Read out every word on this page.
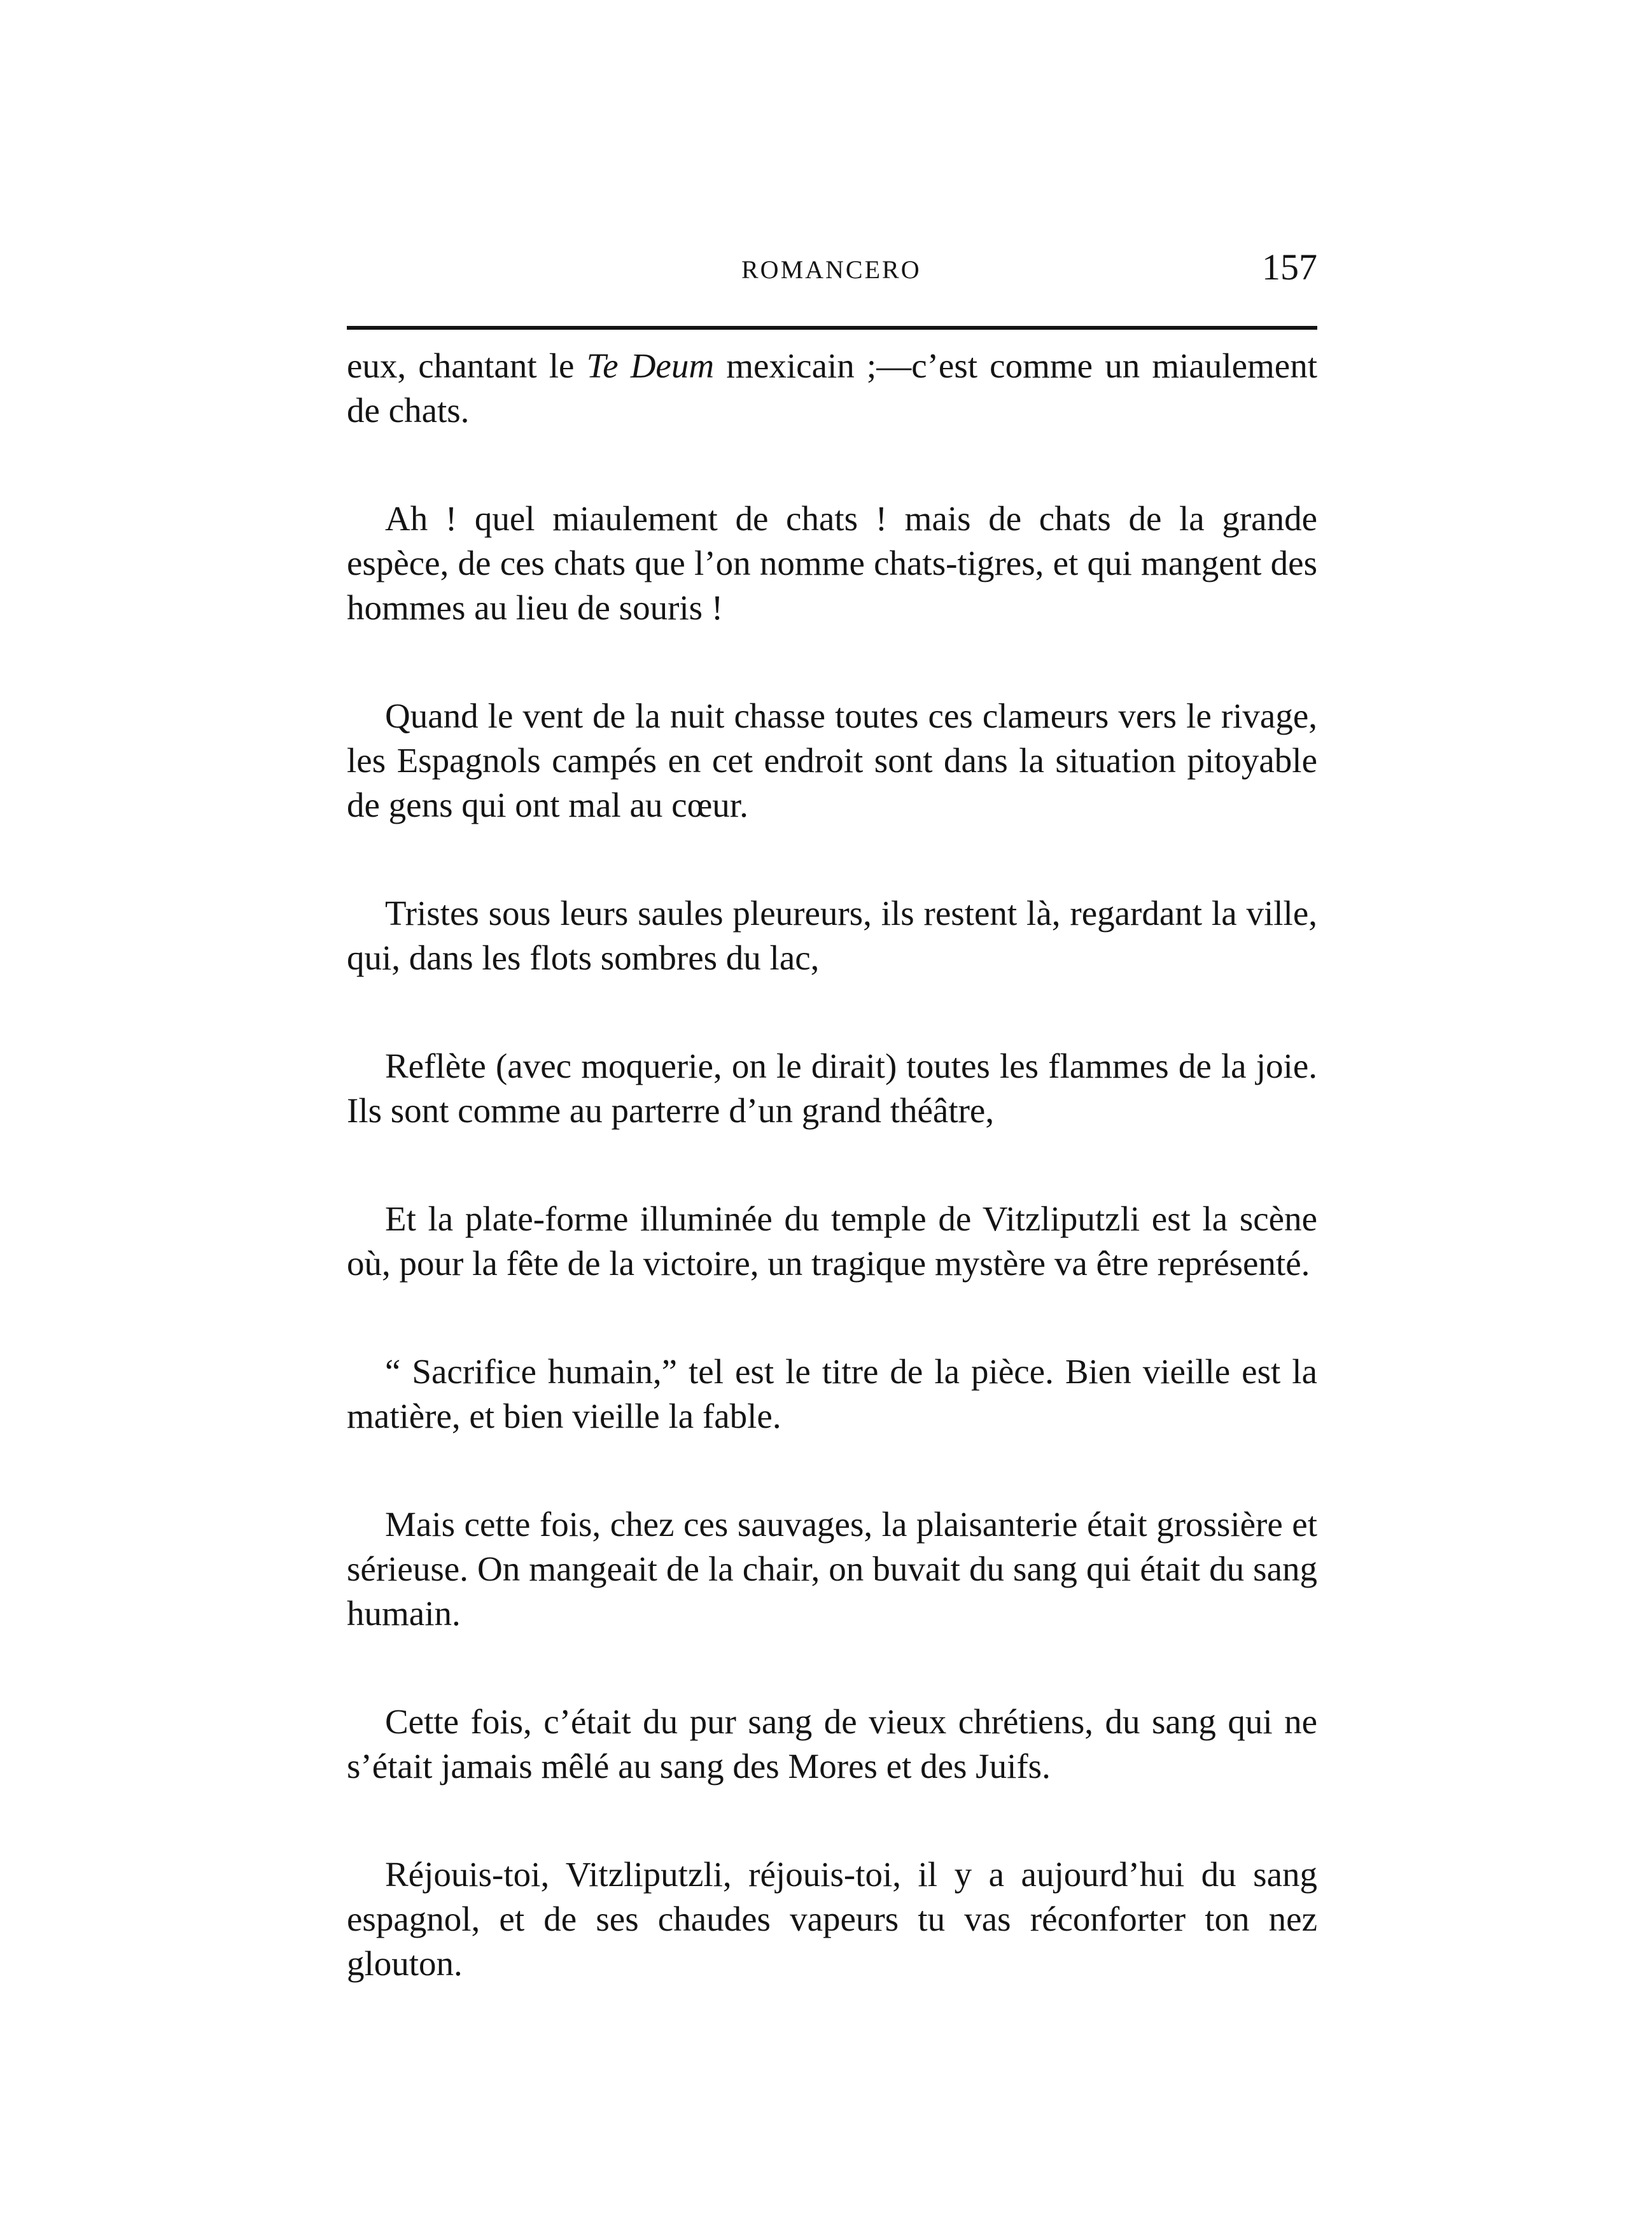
ROMANCERO	157

eux, chantant le Te Deum mexicain ;—c’est comme un miaulement de chats.

Ah ! quel miaulement de chats ! mais de chats de la grande espèce, de ces chats que l’on nomme chats-tigres, et qui mangent des hommes au lieu de souris !

Quand le vent de la nuit chasse toutes ces clameurs vers le rivage, les Espagnols campés en cet endroit sont dans la situation pitoyable de gens qui ont mal au cœur.

Tristes sous leurs saules pleureurs, ils restent là, regardant la ville, qui, dans les flots sombres du lac,

Reflète (avec moquerie, on le dirait) toutes les flammes de la joie. Ils sont comme au parterre d’un grand théâtre,

Et la plate-forme illuminée du temple de Vitzliputzli est la scène où, pour la fête de la victoire, un tragique mystère va être représenté.

“ Sacrifice humain,” tel est le titre de la pièce. Bien vieille est la matière, et bien vieille la fable.

Mais cette fois, chez ces sauvages, la plaisanterie était grossière et sérieuse. On mangeait de la chair, on buvait du sang qui était du sang humain.

Cette fois, c’était du pur sang de vieux chrétiens, du sang qui ne s’était jamais mêlé au sang des Mores et des Juifs.

Réjouis-toi, Vitzliputzli, réjouis-toi, il y a aujourd’hui du sang espagnol, et de ses chaudes vapeurs tu vas réconforter ton nez glouton.
